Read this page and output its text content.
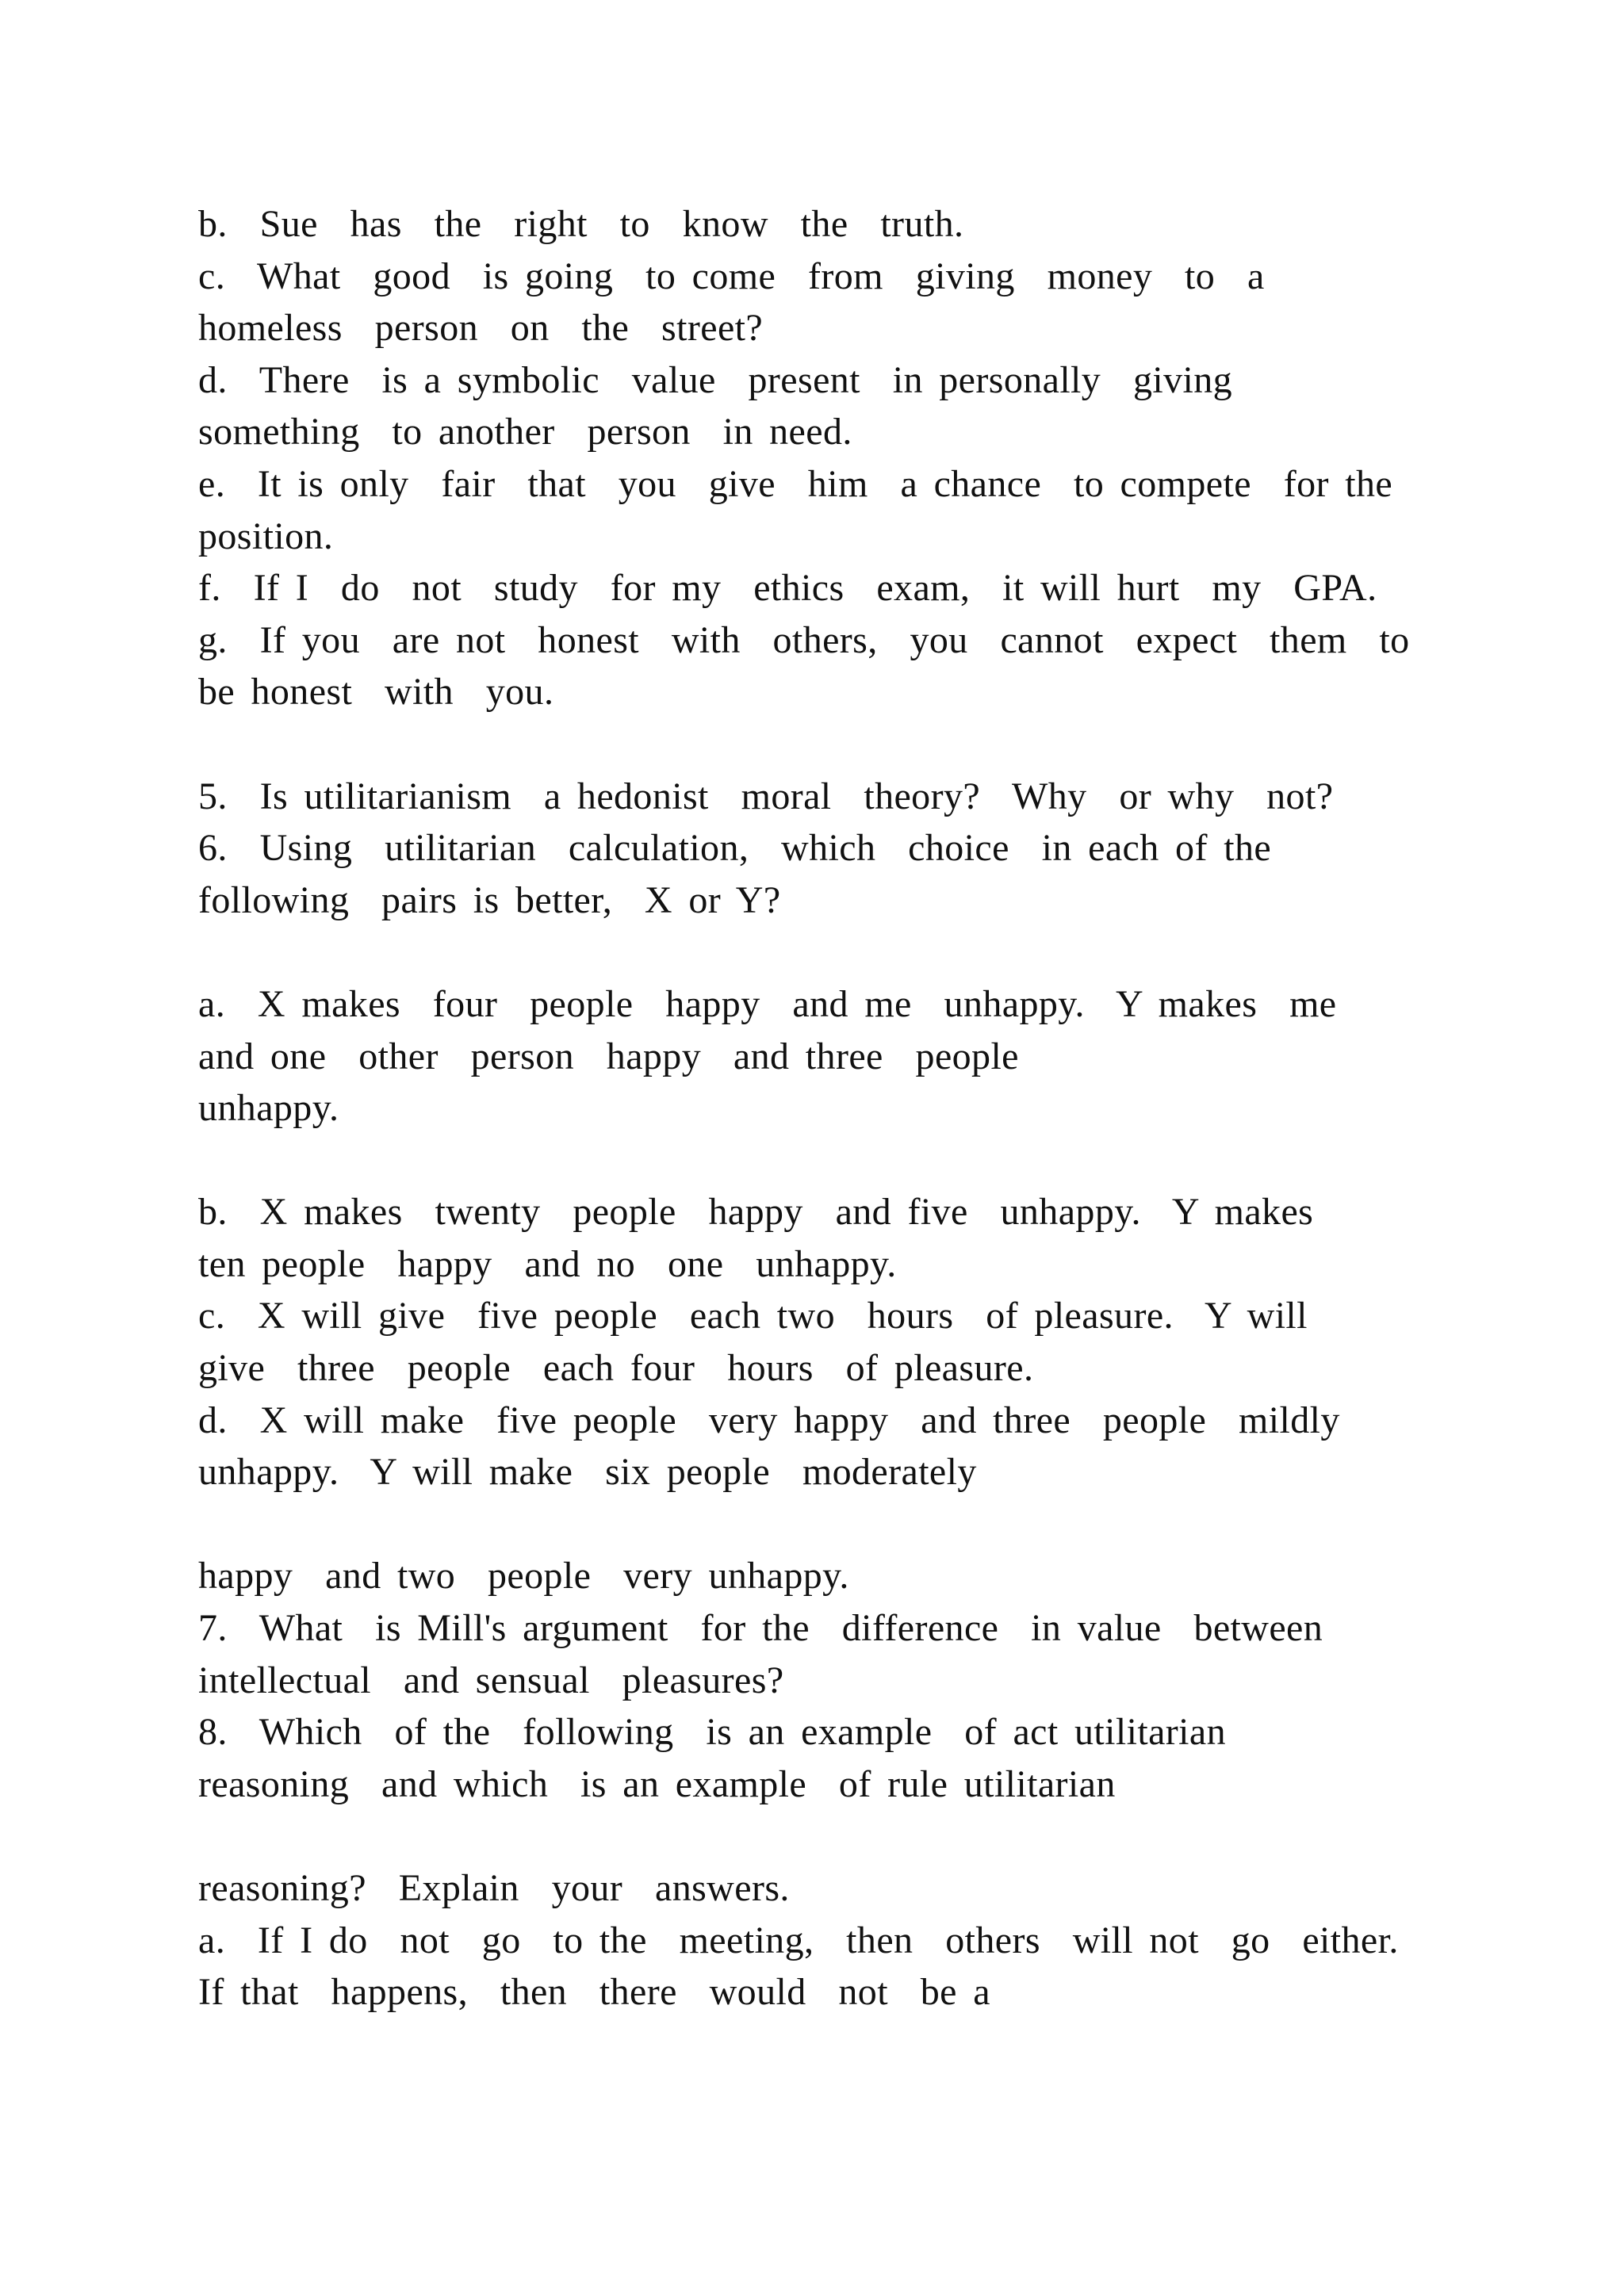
b.  Sue  has  the  right  to  know  the  truth.
c.  What  good  is going  to come  from  giving  money  to  a
homeless  person  on  the  street?
d.  There  is a symbolic  value  present  in personally  giving
something  to another  person  in need.
e.  It is only  fair  that  you  give  him  a chance  to compete  for the
position.
f.  If I  do  not  study  for my  ethics  exam,  it will hurt  my  GPA.
g.  If you  are not  honest  with  others,  you  cannot  expect  them  to
be honest  with  you.
5.  Is utilitarianism  a hedonist  moral  theory?  Why  or why  not?
6.  Using  utilitarian  calculation,  which  choice  in each of the
following  pairs is better,  X or Y?
a.  X makes  four  people  happy  and me  unhappy.  Y makes  me
and one  other  person  happy  and three  people
unhappy.
b.  X makes  twenty  people  happy  and five  unhappy.  Y makes
ten people  happy  and no  one  unhappy.
c.  X will give  five people  each two  hours  of pleasure.  Y will
give  three  people  each four  hours  of pleasure.
d.  X will make  five people  very happy  and three  people  mildly
unhappy.  Y will make  six people  moderately
happy  and two  people  very unhappy.
7.  What  is Mill's argument  for the  difference  in value  between
intellectual  and sensual  pleasures?
8.  Which  of the  following  is an example  of act utilitarian
reasoning  and which  is an example  of rule utilitarian
reasoning?  Explain  your  answers.
a.  If I do  not  go  to the  meeting,  then  others  will not  go  either.
If that  happens,  then  there  would  not  be a
